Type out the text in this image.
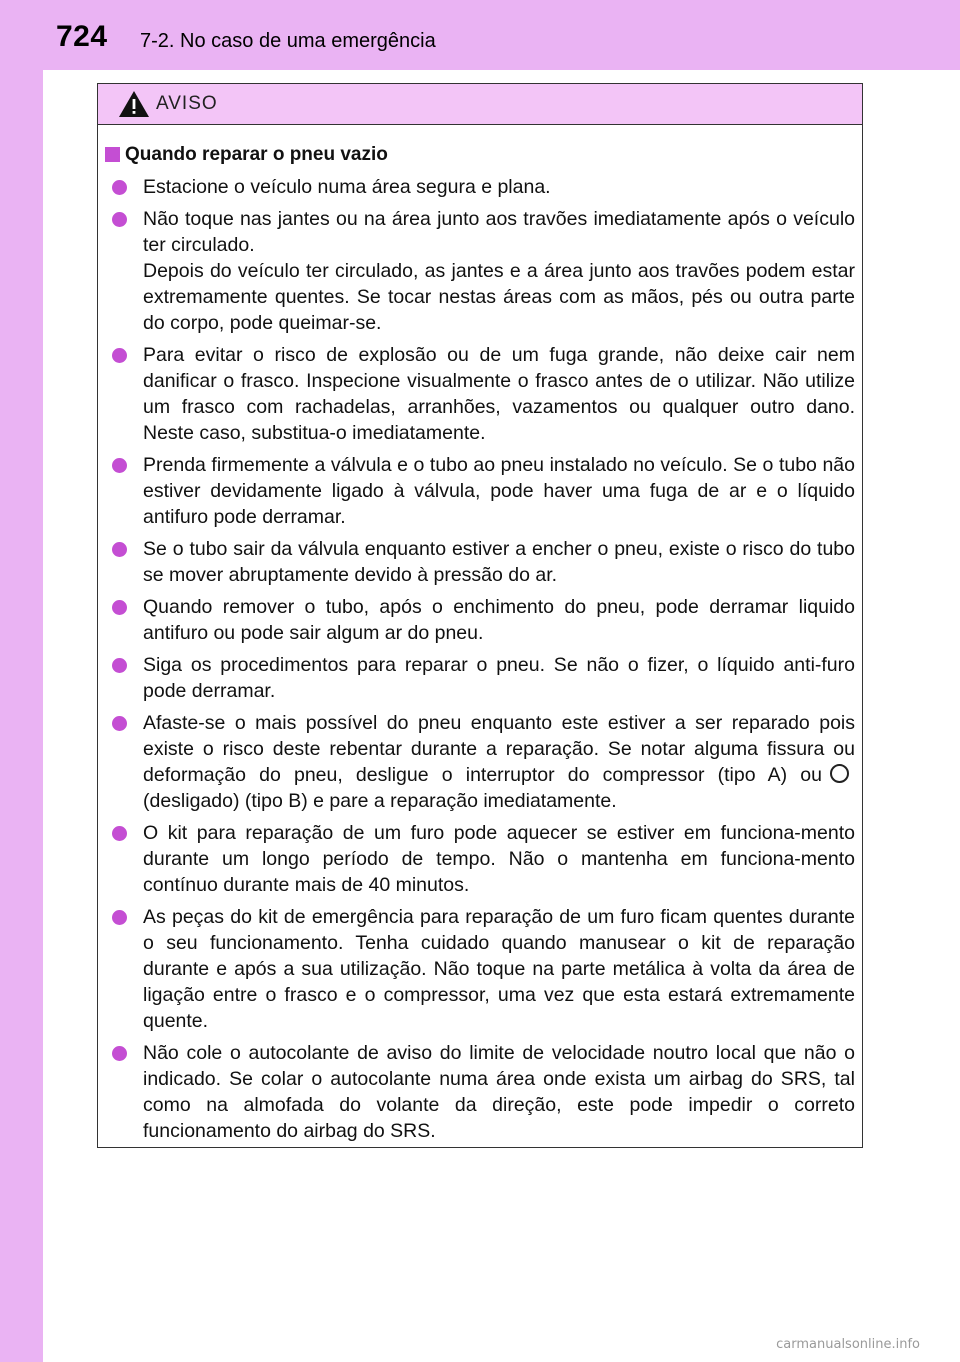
724 7-2. No caso de uma emergência
AVISO
Quando reparar o pneu vazio
Estacione o veículo numa área segura e plana.
Não toque nas jantes ou na área junto aos travões imediatamente após o veículo ter circulado.
Depois do veículo ter circulado, as jantes e a área junto aos travões podem estar extremamente quentes. Se tocar nestas áreas com as mãos, pés ou outra parte do corpo, pode queimar-se.
Para evitar o risco de explosão ou de um fuga grande, não deixe cair nem danificar o frasco. Inspecione visualmente o frasco antes de o utilizar. Não utilize um frasco com rachadelas, arranhões, vazamentos ou qualquer outro dano. Neste caso, substitua-o imediatamente.
Prenda firmemente a válvula e o tubo ao pneu instalado no veículo. Se o tubo não estiver devidamente ligado à válvula, pode haver uma fuga de ar e o líquido antifuro pode derramar.
Se o tubo sair da válvula enquanto estiver a encher o pneu, existe o risco do tubo se mover abruptamente devido à pressão do ar.
Quando remover o tubo, após o enchimento do pneu, pode derramar liquido antifuro ou pode sair algum ar do pneu.
Siga os procedimentos para reparar o pneu. Se não o fizer, o líquido anti-furo pode derramar.
Afaste-se o mais possível do pneu enquanto este estiver a ser reparado pois existe o risco deste rebentar durante a reparação. Se notar alguma fissura ou deformação do pneu, desligue o interruptor do compressor (tipo A) ou(desligado) (tipo B) e pare a reparação imediatamente.
O kit para reparação de um furo pode aquecer se estiver em funciona-mento durante um longo período de tempo. Não o mantenha em funciona-mento contínuo durante mais de 40 minutos.
As peças do kit de emergência para reparação de um furo ficam quentes durante o seu funcionamento. Tenha cuidado quando manusear o kit de reparação durante e após a sua utilização. Não toque na parte metálica à volta da área de ligação entre o frasco e o compressor, uma vez que esta estará extremamente quente.
Não cole o autocolante de aviso do limite de velocidade noutro local que não o indicado. Se colar o autocolante numa área onde exista um airbag do SRS, tal como na almofada do volante da direção, este pode impedir o correto funcionamento do airbag do SRS.
carmanualsonline.info
